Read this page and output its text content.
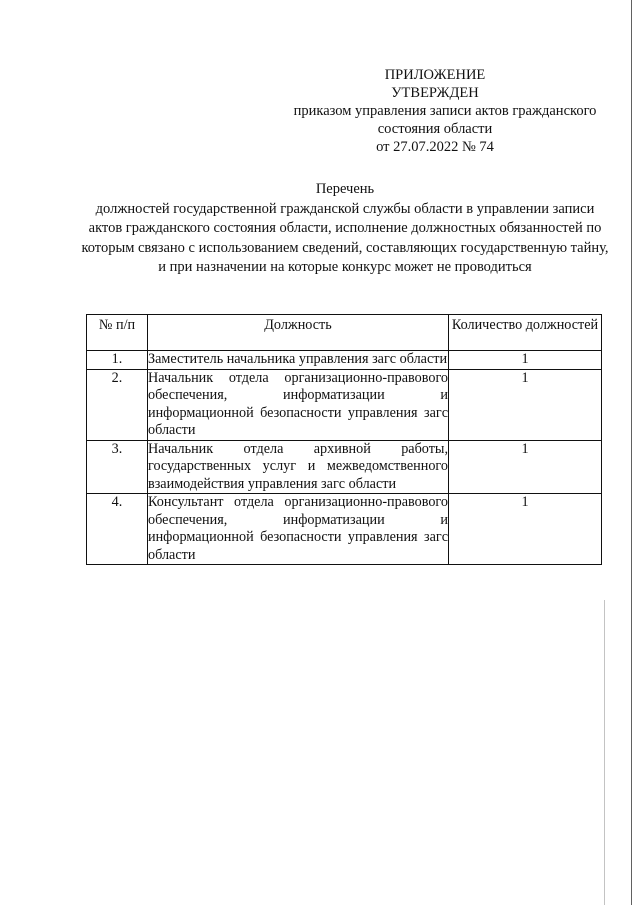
ПРИЛОЖЕНИЕ
УТВЕРЖДЕН
приказом управления записи актов гражданского
состояния области
от 27.07.2022 № 74
Перечень
должностей государственной гражданской службы области в управлении записи актов гражданского состояния области, исполнение должностных обязанностей по которым связано с использованием сведений, составляющих государственную тайну, и при назначении на которые конкурс может не проводиться
№ п/п	Должность	Количество должностей
1.	Заместитель начальника управления загс области	1
2.	Начальник отдела организационно-правового обеспечения, информатизации и информационной безопасности управления загс области	1
3.	Начальник отдела архивной работы, государственных услуг и межведомственного взаимодействия управления загс области	1
4.	Консультант отдела организационно-правового обеспечения, информатизации и информационной безопасности управления загс области	1
